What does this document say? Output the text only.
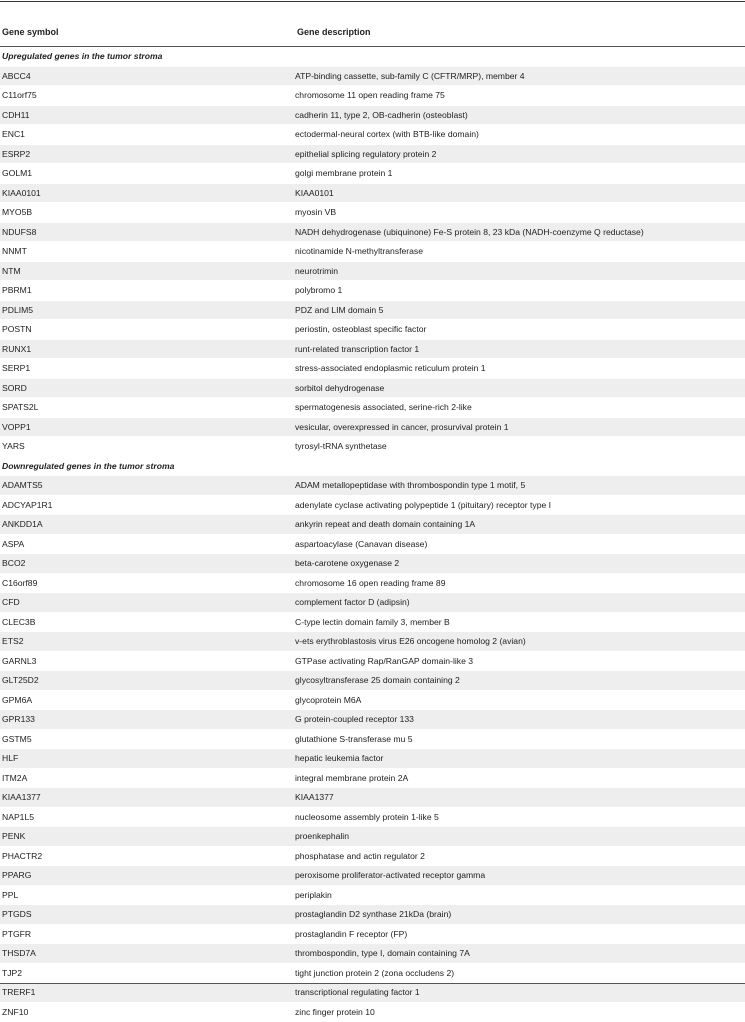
Gene symbol	Gene description
Upregulated genes in the tumor stroma	
ABCC4	ATP-binding cassette, sub-family C (CFTR/MRP), member 4
C11orf75	chromosome 11 open reading frame 75
CDH11	cadherin 11, type 2, OB-cadherin (osteoblast)
ENC1	ectodermal-neural cortex (with BTB-like domain)
ESRP2	epithelial splicing regulatory protein 2
GOLM1	golgi membrane protein 1
KIAA0101	KIAA0101
MYO5B	myosin VB
NDUFS8	NADH dehydrogenase (ubiquinone) Fe-S protein 8, 23 kDa (NADH-coenzyme Q reductase)
NNMT	nicotinamide N-methyltransferase
NTM	neurotrimin
PBRM1	polybromo 1
PDLIM5	PDZ and LIM domain 5
POSTN	periostin, osteoblast specific factor
RUNX1	runt-related transcription factor 1
SERP1	stress-associated endoplasmic reticulum protein 1
SORD	sorbitol dehydrogenase
SPATS2L	spermatogenesis associated, serine-rich 2-like
VOPP1	vesicular, overexpressed in cancer, prosurvival protein 1
YARS	tyrosyl-tRNA synthetase
Downregulated genes in the tumor stroma	
ADAMTS5	ADAM metallopeptidase with thrombospondin type 1 motif, 5
ADCYAP1R1	adenylate cyclase activating polypeptide 1 (pituitary) receptor type I
ANKDD1A	ankyrin repeat and death domain containing 1A
ASPA	aspartoacylase (Canavan disease)
BCO2	beta-carotene oxygenase 2
C16orf89	chromosome 16 open reading frame 89
CFD	complement factor D (adipsin)
CLEC3B	C-type lectin domain family 3, member B
ETS2	v-ets erythroblastosis virus E26 oncogene homolog 2 (avian)
GARNL3	GTPase activating Rap/RanGAP domain-like 3
GLT25D2	glycosyltransferase 25 domain containing 2
GPM6A	glycoprotein M6A
GPR133	G protein-coupled receptor 133
GSTM5	glutathione S-transferase mu 5
HLF	hepatic leukemia factor
ITM2A	integral membrane protein 2A
KIAA1377	KIAA1377
NAP1L5	nucleosome assembly protein 1-like 5
PENK	proenkephalin
PHACTR2	phosphatase and actin regulator 2
PPARG	peroxisome proliferator-activated receptor gamma
PPL	periplakin
PTGDS	prostaglandin D2 synthase 21kDa (brain)
PTGFR	prostaglandin F receptor (FP)
THSD7A	thrombospondin, type I, domain containing 7A
TJP2	tight junction protein 2 (zona occludens 2)
TRERF1	transcriptional regulating factor 1
ZNF10	zinc finger protein 10
